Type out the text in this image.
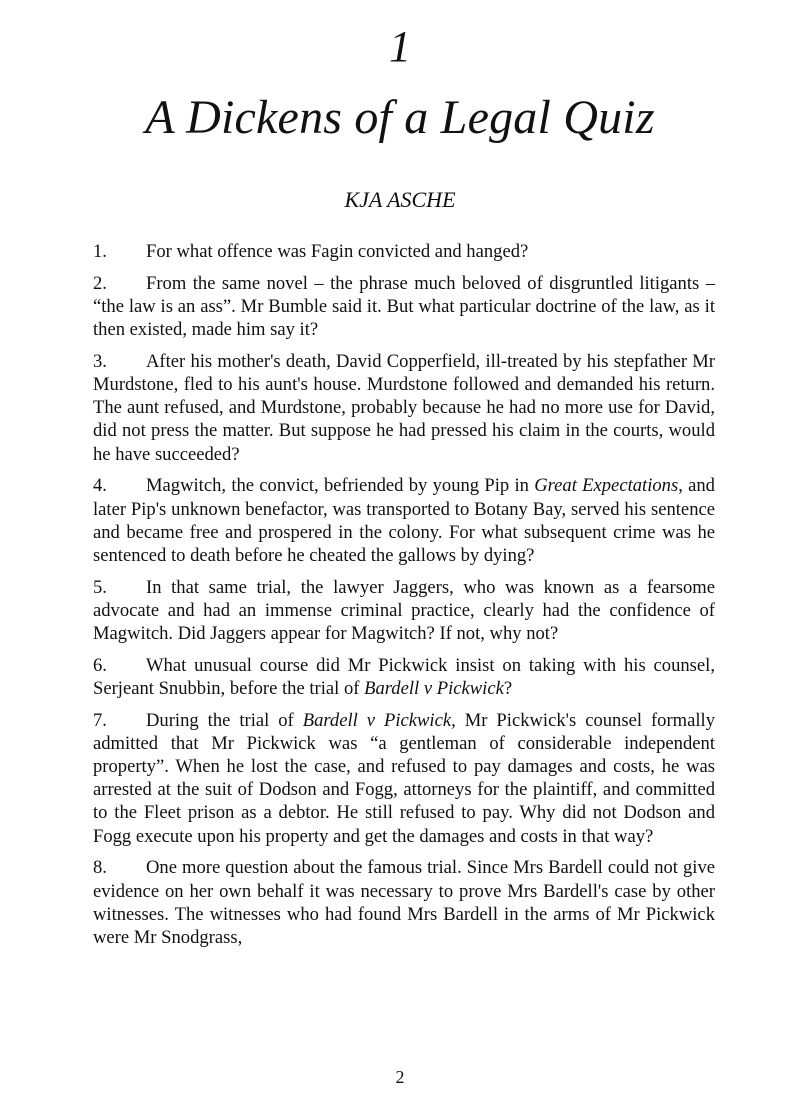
1
A Dickens of a Legal Quiz
KJA ASCHE

1. For what offence was Fagin convicted and hanged?

2. From the same novel – the phrase much beloved of disgruntled litigants – “the law is an ass”. Mr Bumble said it. But what particular doctrine of the law, as it then existed, made him say it?

3. After his mother's death, David Copperfield, ill-treated by his stepfather Mr Murdstone, fled to his aunt's house. Murdstone followed and demanded his return. The aunt refused, and Murdstone, probably because he had no more use for David, did not press the matter. But suppose he had pressed his claim in the courts, would he have succeeded?

4. Magwitch, the convict, befriended by young Pip in Great Expectations, and later Pip's unknown benefactor, was transported to Botany Bay, served his sentence and became free and prospered in the colony. For what subsequent crime was he sentenced to death before he cheated the gallows by dying?

5. In that same trial, the lawyer Jaggers, who was known as a fearsome advocate and had an immense criminal practice, clearly had the confidence of Magwitch. Did Jaggers appear for Magwitch? If not, why not?

6. What unusual course did Mr Pickwick insist on taking with his counsel, Serjeant Snubbin, before the trial of Bardell v Pickwick?

7. During the trial of Bardell v Pickwick, Mr Pickwick's counsel formally admitted that Mr Pickwick was “a gentleman of considerable independent property”. When he lost the case, and refused to pay damages and costs, he was arrested at the suit of Dodson and Fogg, attorneys for the plaintiff, and committed to the Fleet prison as a debtor. He still refused to pay. Why did not Dodson and Fogg execute upon his property and get the damages and costs in that way?

8. One more question about the famous trial. Since Mrs Bardell could not give evidence on her own behalf it was necessary to prove Mrs Bardell's case by other witnesses. The witnesses who had found Mrs Bardell in the arms of Mr Pickwick were Mr Snodgrass,

2
